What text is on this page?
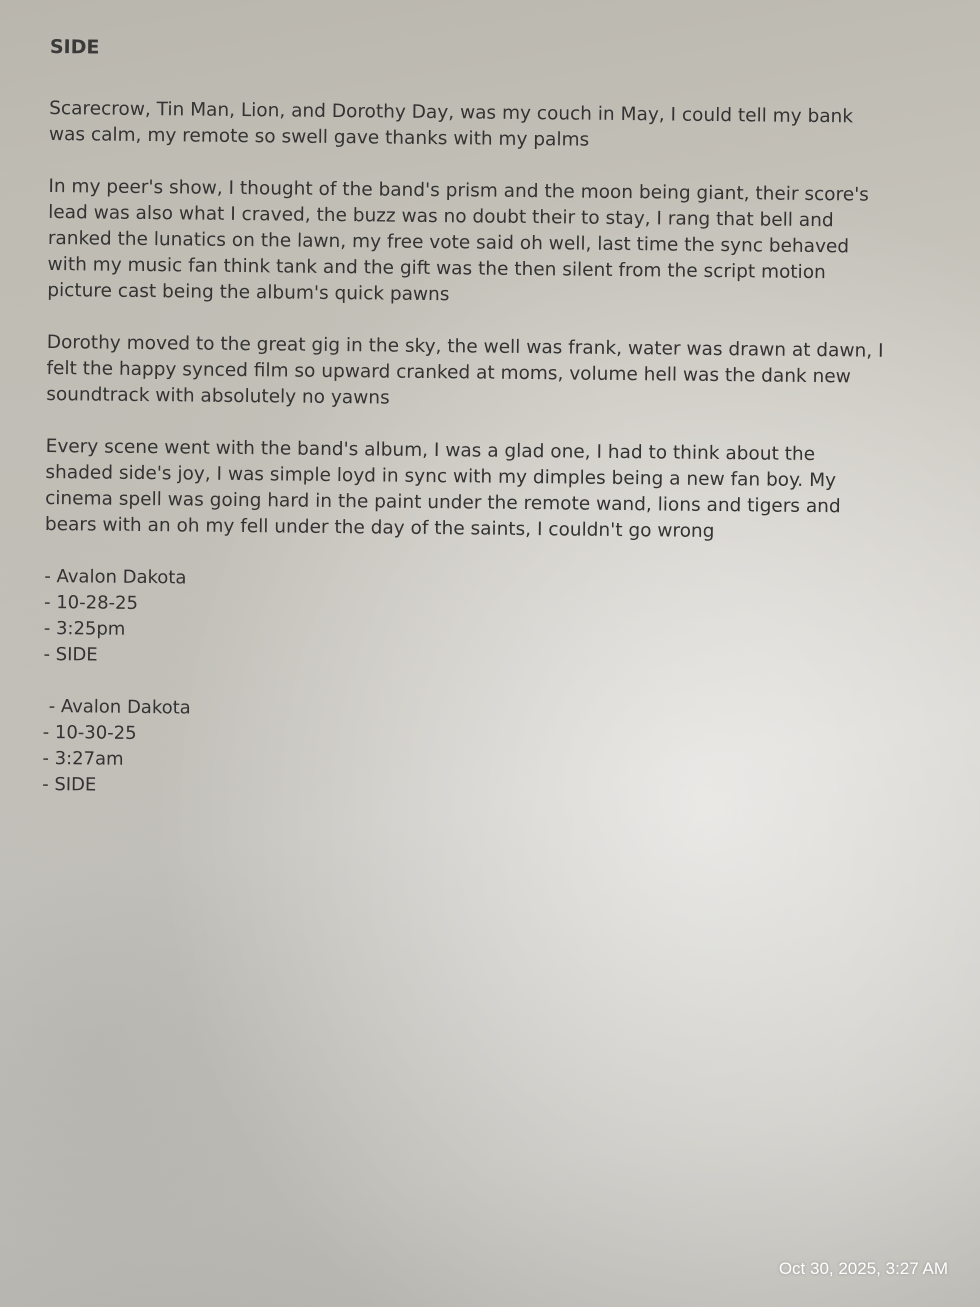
SIDE

Scarecrow, Tin Man, Lion, and Dorothy Day, was my couch in May, I could tell my bank was calm, my remote so swell gave thanks with my palms

In my peer's show, I thought of the band's prism and the moon being giant, their score's lead was also what I craved, the buzz was no doubt their to stay, I rang that bell and ranked the lunatics on the lawn, my free vote said oh well, last time the sync behaved with my music fan think tank and the gift was the then silent from the script motion picture cast being the album's quick pawns

Dorothy moved to the great gig in the sky, the well was frank, water was drawn at dawn, I felt the happy synced film so upward cranked at moms, volume hell was the dank new soundtrack with absolutely no yawns

Every scene went with the band's album, I was a glad one, I had to think about the shaded side's joy, I was simple loyd in sync with my dimples being a new fan boy. My cinema spell was going hard in the paint under the remote wand, lions and tigers and bears with an oh my fell under the day of the saints, I couldn't go wrong

- Avalon Dakota
- 10-28-25
- 3:25pm
- SIDE
- Avalon Dakota
- 10-30-25
- 3:27am
- SIDE
Oct 30, 2025, 3:27 AM
